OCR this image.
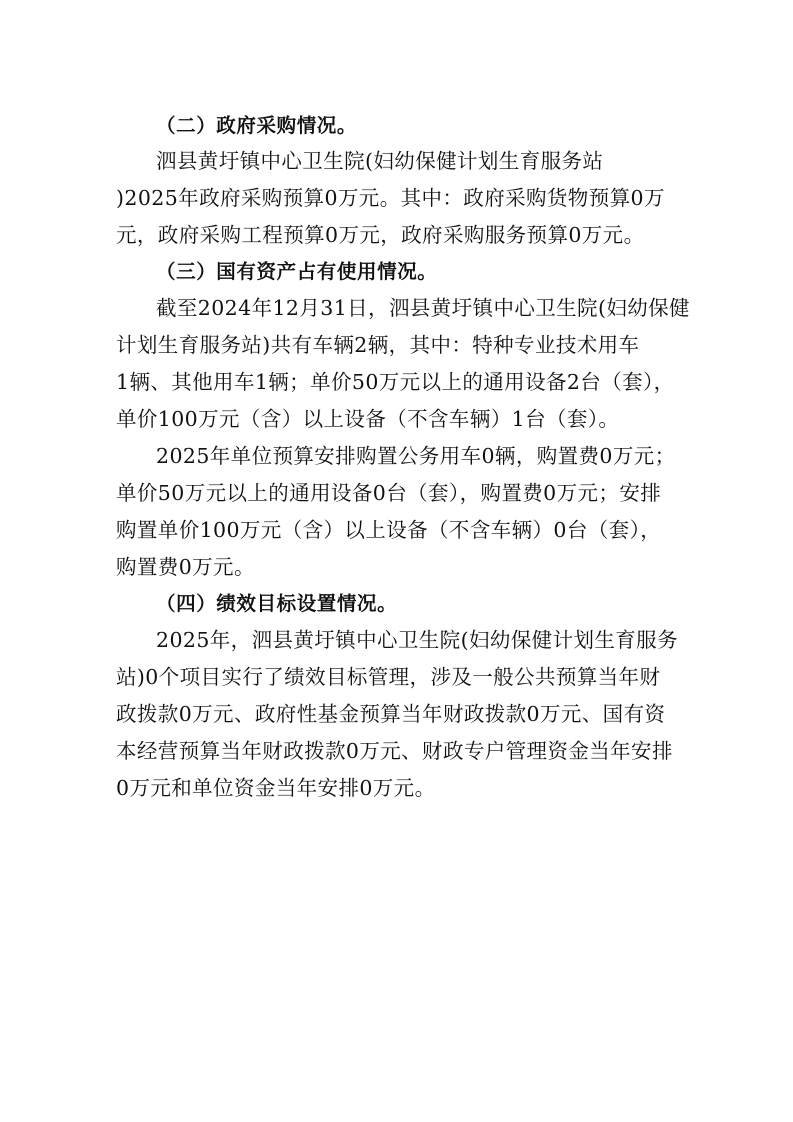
（二）政府采购情况。
泗县黄圩镇中心卫生院(妇幼保健计划生育服务站
)2025年政府采购预算0万元。其中：政府采购货物预算0万
元，政府采购工程预算0万元，政府采购服务预算0万元。
（三）国有资产占有使用情况。
截至2024年12月31日，泗县黄圩镇中心卫生院(妇幼保健
计划生育服务站)共有车辆2辆，其中：特种专业技术用车
1辆、其他用车1辆；单价50万元以上的通用设备2台（套），
单价100万元（含）以上设备（不含车辆）1台（套）。
2025年单位预算安排购置公务用车0辆，购置费0万元；
单价50万元以上的通用设备0台（套），购置费0万元；安排
购置单价100万元（含）以上设备（不含车辆）0台（套），
购置费0万元。
（四）绩效目标设置情况。
2025年，泗县黄圩镇中心卫生院(妇幼保健计划生育服务
站)0个项目实行了绩效目标管理，涉及一般公共预算当年财
政拨款0万元、政府性基金预算当年财政拨款0万元、国有资
本经营预算当年财政拨款0万元、财政专户管理资金当年安排
0万元和单位资金当年安排0万元。
